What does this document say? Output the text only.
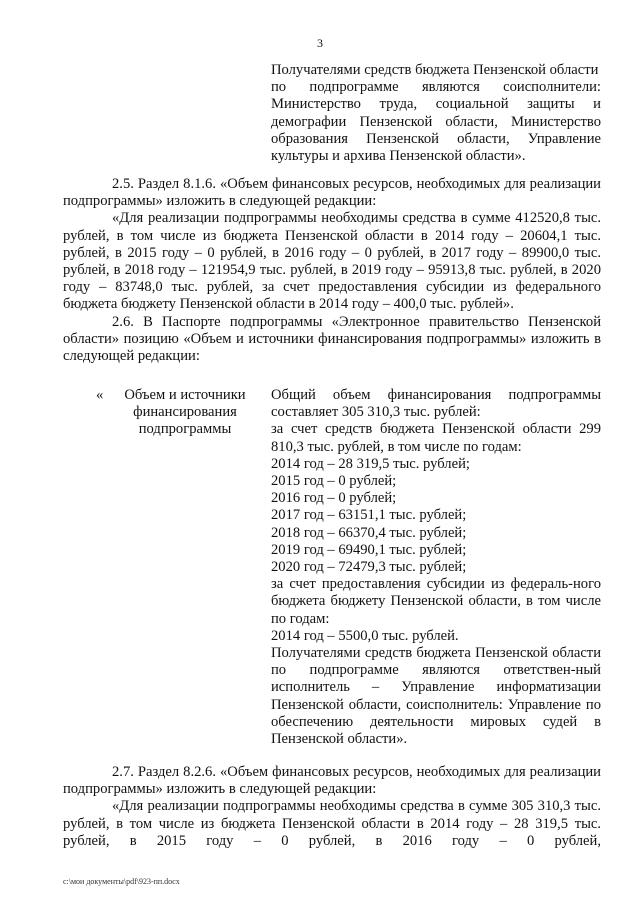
3

Получателями средств бюджета Пензенской области

по подпрограмме являются соисполнители:

Министерство труда, социальной защиты и

демографии Пензенской области, Министерство

образования Пензенской области, Управление

культуры и архива Пензенской области».

2.5. Раздел 8.1.6. «Объем финансовых ресурсов, необходимых для реализации подпрограммы» изложить в следующей редакции:

«Для реализации подпрограммы необходимы средства в сумме 412520,8 тыс. рублей, в том числе из бюджета Пензенской области в 2014 году – 20604,1 тыс. рублей, в 2015 году – 0 рублей, в 2016 году – 0 рублей, в 2017 году – 89900,0 тыс. рублей, в 2018 году – 121954,9 тыс. рублей, в 2019 году – 95913,8 тыс. рублей, в 2020 году – 83748,0 тыс. рублей, за счет предоставления субсидии из федерального бюджета бюджету Пензенской области в 2014 году – 400,0 тыс. рублей».

2.6. В Паспорте подпрограммы «Электронное правительство Пензенской области» позицию «Объем и источники финансирования подпрограммы» изложить в следующей редакции:

«	Объем и источники финансирования подпрограммы

Общий объем финансирования подпрограммы составляет 305 310,3 тыс. рублей:

за счет средств бюджета Пензенской области 299 810,3 тыс. рублей, в том числе по годам:

2014 год – 28 319,5 тыс. рублей;

2015 год – 0 рублей;

2016 год – 0 рублей;

2017 год – 63151,1 тыс. рублей;

2018 год – 66370,4 тыс. рублей;

2019 год – 69490,1 тыс. рублей;

2020 год – 72479,3 тыс. рублей;

за счет предоставления субсидии из федераль-ного бюджета бюджету Пензенской области, в том числе по годам:

2014 год – 5500,0 тыс. рублей.

Получателями средств бюджета Пензенской области по подпрограмме являются ответствен-ный исполнитель – Управление информатизации Пензенской области, соисполнитель: Управление по обеспечению деятельности мировых судей в Пензенской области».

2.7. Раздел 8.2.6. «Объем финансовых ресурсов, необходимых для реализации подпрограммы» изложить в следующей редакции:

«Для реализации подпрограммы необходимы средства в сумме 305 310,3 тыс. рублей, в том числе из бюджета Пензенской области в 2014 году – 28 319,5 тыс. рублей, в 2015 году – 0 рублей, в 2016 году – 0 рублей,

c:\мои документы\pdf\923-пп.docx
